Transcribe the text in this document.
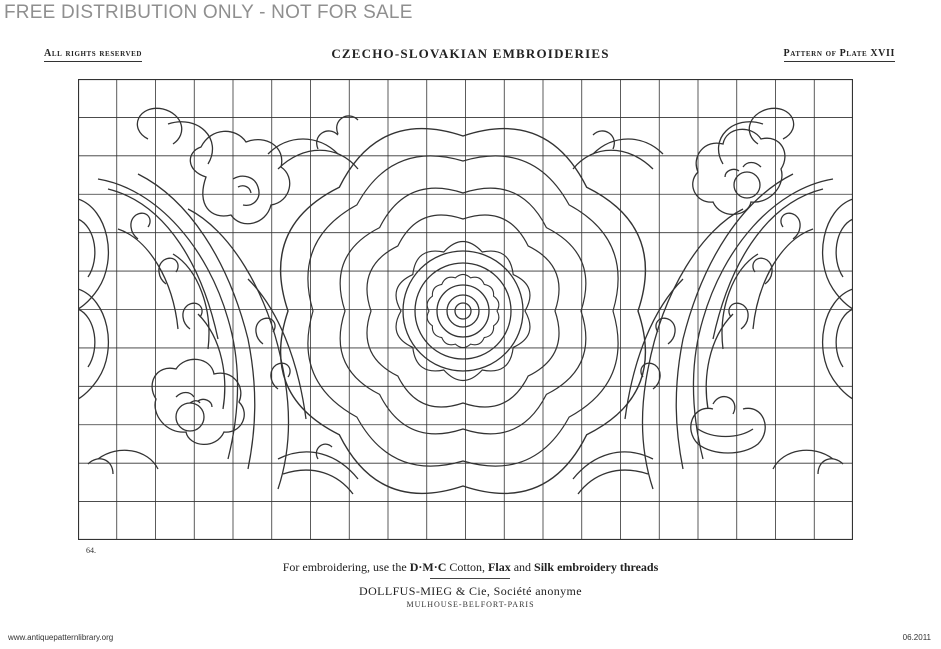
FREE DISTRIBUTION ONLY - NOT FOR SALE
All rights reserved	CZECHO-SLOVAKIAN EMBROIDERIES	Pattern of Plate XVII
64.
For embroidering, use the D·M·C Cotton, Flax and Silk embroidery threads
DOLLFUS-MIEG & Cie, Société anonyme
MULHOUSE-BELFORT-PARIS
www.antiquepatternlibrary.org	06.2011
